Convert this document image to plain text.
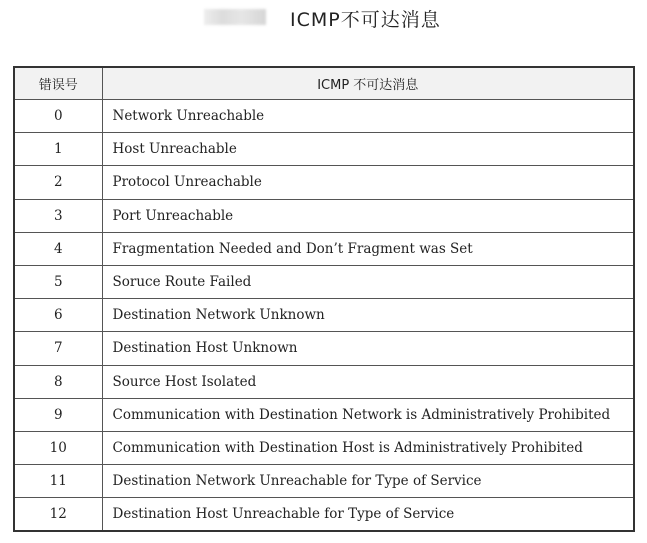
ICMP不可达消息
错误号	ICMP 不可达消息
0	Network Unreachable
1	Host Unreachable
2	Protocol Unreachable
3	Port Unreachable
4	Fragmentation Needed and Don’t Fragment was Set
5	Soruce Route Failed
6	Destination Network Unknown
7	Destination Host Unknown
8	Source Host Isolated
9	Communication with Destination Network is Administratively Prohibited
10	Communication with Destination Host is Administratively Prohibited
11	Destination Network Unreachable for Type of Service
12	Destination Host Unreachable for Type of Service
